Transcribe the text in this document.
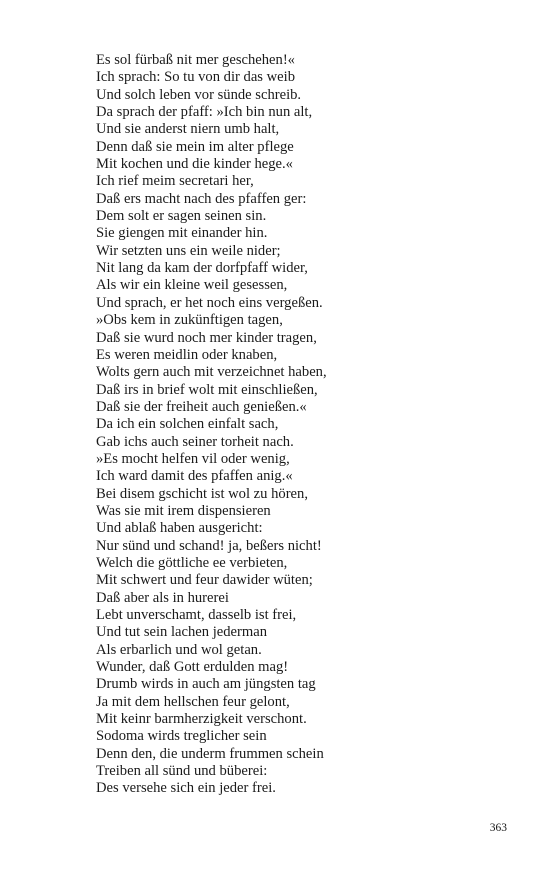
Es sol fürbaß nit mer geschehen!«
Ich sprach: So tu von dir das weib
Und solch leben vor sünde schreib.
Da sprach der pfaff: »Ich bin nun alt,
Und sie anderst niern umb halt,
Denn daß sie mein im alter pflege
Mit kochen und die kinder hege.«
Ich rief meim secretari her,
Daß ers macht nach des pfaffen ger:
Dem solt er sagen seinen sin.
Sie giengen mit einander hin.
Wir setzten uns ein weile nider;
Nit lang da kam der dorfpfaff wider,
Als wir ein kleine weil gesessen,
Und sprach, er het noch eins vergeßen.
»Obs kem in zukünftigen tagen,
Daß sie wurd noch mer kinder tragen,
Es weren meidlin oder knaben,
Wolts gern auch mit verzeichnet haben,
Daß irs in brief wolt mit einschließen,
Daß sie der freiheit auch genießen.«
Da ich ein solchen einfalt sach,
Gab ichs auch seiner torheit nach.
»Es mocht helfen vil oder wenig,
Ich ward damit des pfaffen anig.«
Bei disem gschicht ist wol zu hören,
Was sie mit irem dispensieren
Und ablaß haben ausgericht:
Nur sünd und schand! ja, beßers nicht!
Welch die göttliche ee verbieten,
Mit schwert und feur dawider wüten;
Daß aber als in hurerei
Lebt unverschamt, dasselb ist frei,
Und tut sein lachen jederman
Als erbarlich und wol getan.
Wunder, daß Gott erdulden mag!
Drumb wirds in auch am jüngsten tag
Ja mit dem hellschen feur gelont,
Mit keinr barmherzigkeit verschont.
Sodoma wirds treglicher sein
Denn den, die underm frummen schein
Treiben all sünd und büberei:
Des versehe sich ein jeder frei.
363
